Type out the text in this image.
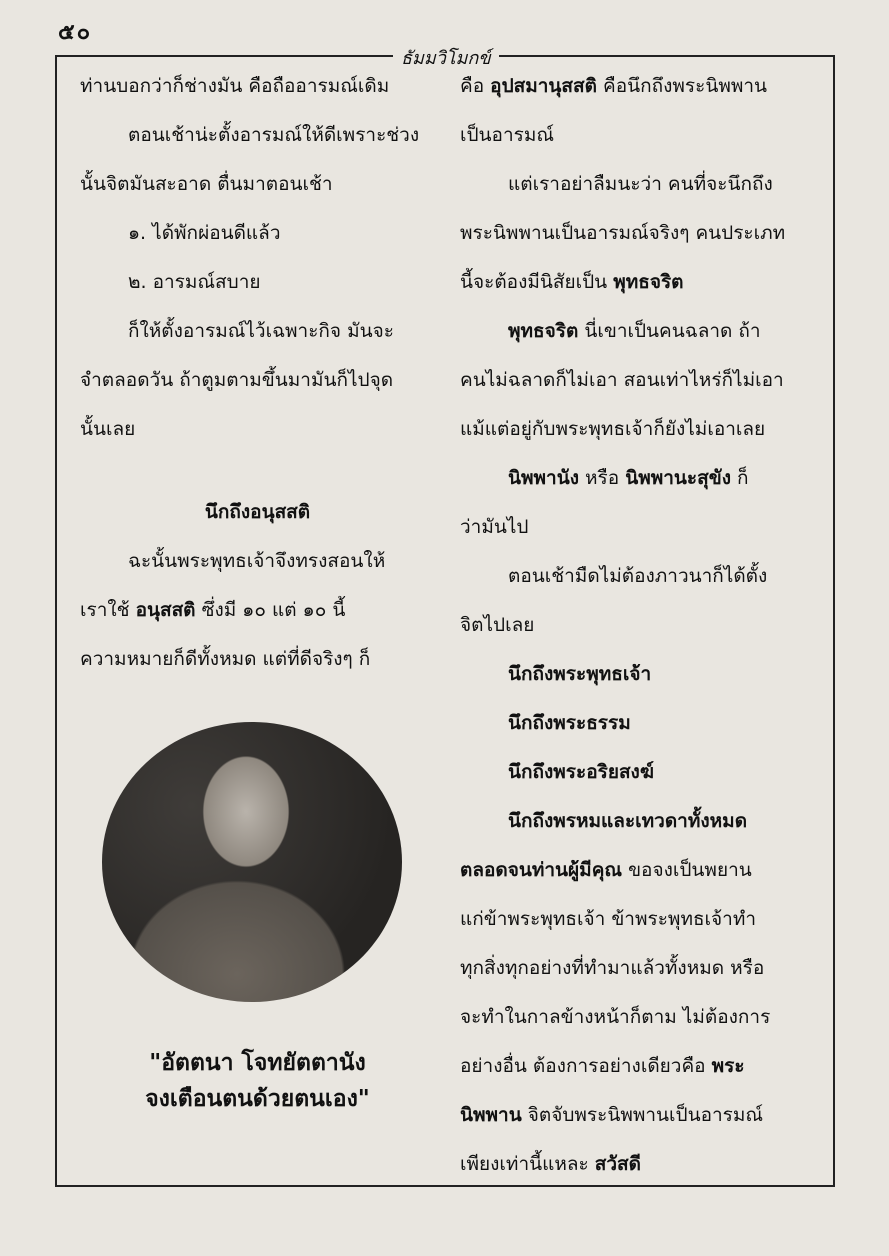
๕๐
ธัมมวิโมกข์
ท่านบอกว่าก็ช่างมัน คือถืออารมณ์เดิม
ตอนเช้าน่ะตั้งอารมณ์ให้ดีเพราะช่วง
นั้นจิตมันสะอาด ตื่นมาตอนเช้า
๑. ได้พักผ่อนดีแล้ว
๒. อารมณ์สบาย
ก็ให้ตั้งอารมณ์ไว้เฉพาะกิจ มันจะ
จำตลอดวัน ถ้าตูมตามขึ้นมามันก็ไปจุด
นั้นเลย
นึกถึงอนุสสติ
ฉะนั้นพระพุทธเจ้าจึงทรงสอนให้
เราใช้ อนุสสติ ซึ่งมี ๑๐ แต่ ๑๐ นี้
ความหมายก็ดีทั้งหมด แต่ที่ดีจริงๆ ก็
"อัตตนา โจทยัตตานัง
จงเตือนตนด้วยตนเอง"
คือ อุปสมานุสสติ คือนึกถึงพระนิพพาน
เป็นอารมณ์
แต่เราอย่าลืมนะว่า คนที่จะนึกถึง
พระนิพพานเป็นอารมณ์จริงๆ คนประเภท
นี้จะต้องมีนิสัยเป็น พุทธจริต
พุทธจริต นี่เขาเป็นคนฉลาด ถ้า
คนไม่ฉลาดก็ไม่เอา สอนเท่าไหร่ก็ไม่เอา
แม้แต่อยู่กับพระพุทธเจ้าก็ยังไม่เอาเลย
นิพพานัง หรือ นิพพานะสุขัง ก็
ว่ามันไป
ตอนเช้ามืดไม่ต้องภาวนาก็ได้ตั้ง
จิตไปเลย
นึกถึงพระพุทธเจ้า
นึกถึงพระธรรม
นึกถึงพระอริยสงฆ์
นึกถึงพรหมและเทวดาทั้งหมด
ตลอดจนท่านผู้มีคุณ ขอจงเป็นพยาน
แก่ข้าพระพุทธเจ้า ข้าพระพุทธเจ้าทำ
ทุกสิ่งทุกอย่างที่ทำมาแล้วทั้งหมด หรือ
จะทำในกาลข้างหน้าก็ตาม ไม่ต้องการ
อย่างอื่น ต้องการอย่างเดียวคือ พระ
นิพพาน จิตจับพระนิพพานเป็นอารมณ์
เพียงเท่านี้แหละ สวัสดี
